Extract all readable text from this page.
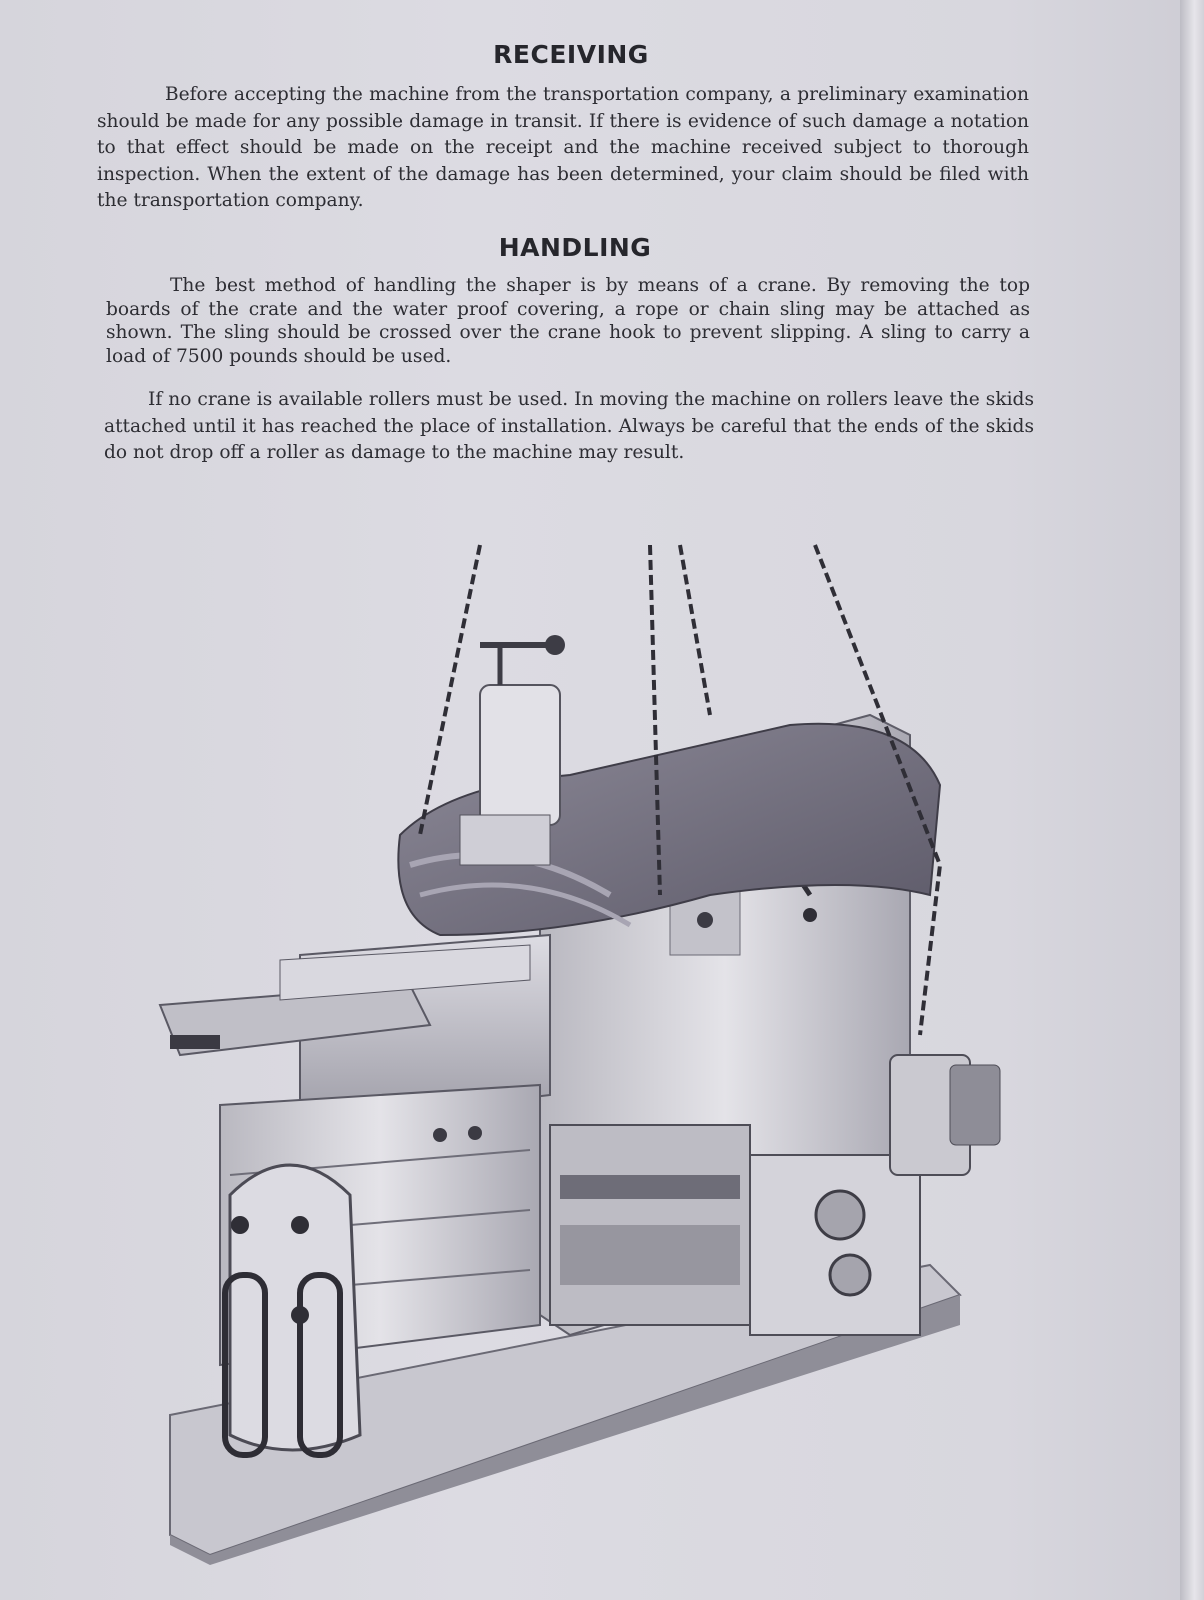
RECEIVING

Before accepting the machine from the transportation company, a preliminary examination should be made for any possible damage in transit. If there is evidence of such damage a notation to that effect should be made on the receipt and the machine received subject to thorough inspection. When the extent of the damage has been determined, your claim should be filed with the transportation company.

HANDLING

The best method of handling the shaper is by means of a crane. By removing the top boards of the crate and the water proof covering, a rope or chain sling may be attached as shown. The sling should be crossed over the crane hook to prevent slipping. A sling to carry a load of 7500 pounds should be used.

If no crane is available rollers must be used. In moving the machine on rollers leave the skids attached until it has reached the place of installation. Always be careful that the ends of the skids do not drop off a roller as damage to the machine may result.
